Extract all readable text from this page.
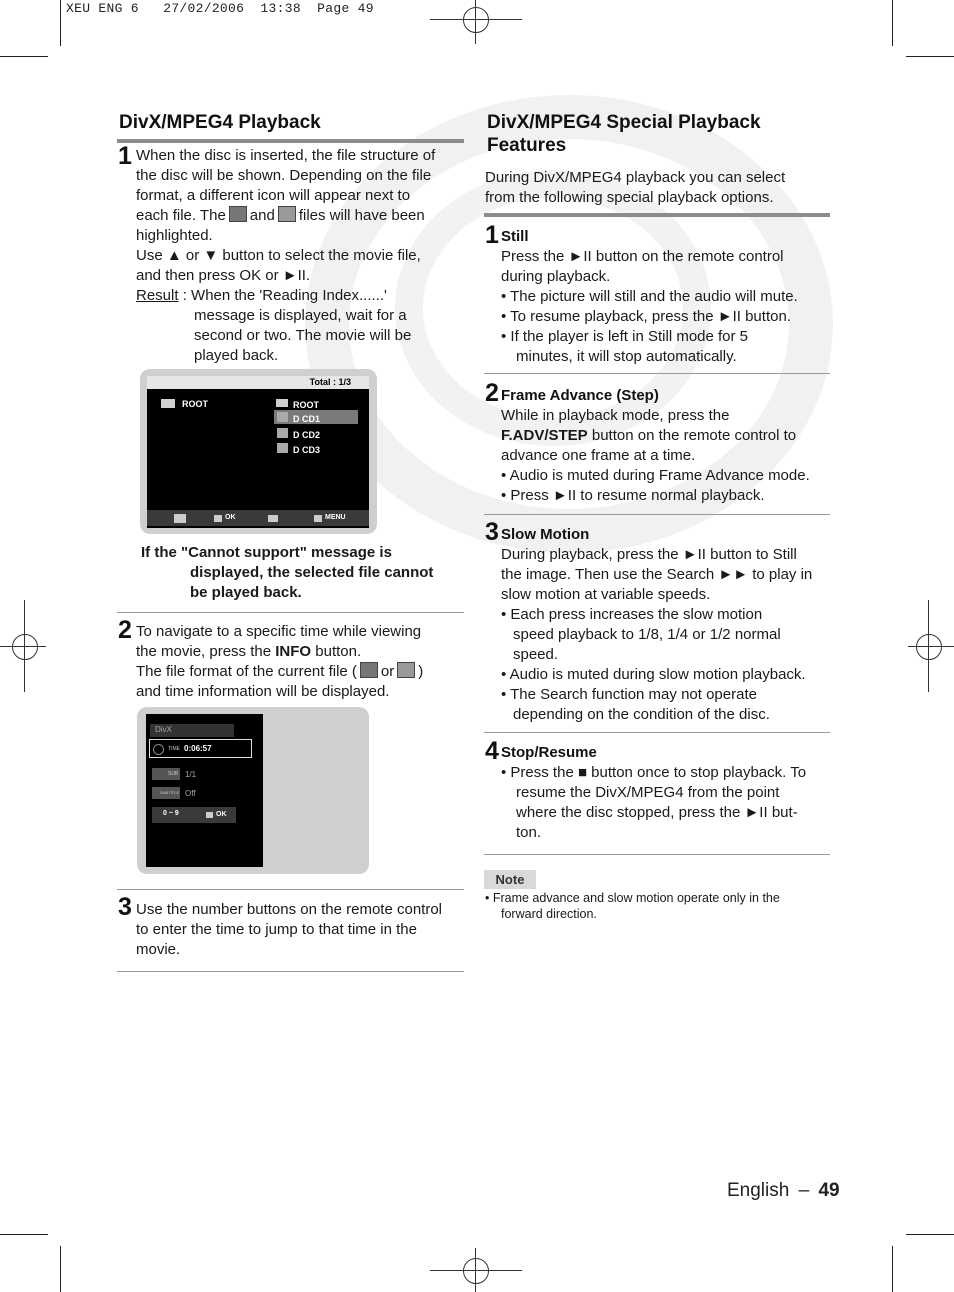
XEU ENG 6   27/02/2006  13:38  Page 49
DivX/MPEG4 Playback
1 When the disc is inserted, the file structure of
the disc will be shown. Depending on the file
format, a different icon will appear next to
each file. The and files will have been
highlighted.
Use ▲ or ▼ button to select the movie file,
and then press OK or ►II.
Result : When the 'Reading Index......'
message is displayed, wait for a
second or two. The movie will be
played back.
Total : 1/3
ROOT	ROOT
D CD1
D CD2
D CD3
OK	MENU
If the "Cannot support" message is
displayed, the selected file cannot
be played back.
2 To navigate to a specific time while viewing
the movie, press the INFO button.
The file format of the current file ( or )
and time information will be displayed.
DivX
TIME 0:06:57
SUB 1/1
SUBTITLE Off
0 ~ 9	OK
3 Use the number buttons on the remote control
to enter the time to jump to that time in the
movie.
DivX/MPEG4 Special Playback
Features
During DivX/MPEG4 playback you can select
from the following special playback options.
1 Still
Press the ►II button on the remote control
during playback.
• The picture will still and the audio will mute.
• To resume playback, press the ►II button.
• If the player is left in Still mode for 5
minutes, it will stop automatically.
2 Frame Advance (Step)
While in playback mode, press the
F.ADV/STEP button on the remote control to
advance one frame at a time.
• Audio is muted during Frame Advance mode.
• Press ►II to resume normal playback.
3 Slow Motion
During playback, press the ►II button to Still
the image. Then use the Search ►► to play in
slow motion at variable speeds.
• Each press increases the slow motion
speed playback to 1/8, 1/4 or 1/2 normal
speed.
• Audio is muted during slow motion playback.
• The Search function may not operate
depending on the condition of the disc.
4 Stop/Resume
• Press the ■ button once to stop playback. To
resume the DivX/MPEG4 from the point
where the disc stopped, press the ►II but-
ton.
Note
• Frame advance and slow motion operate only in the
forward direction.
English – 49
